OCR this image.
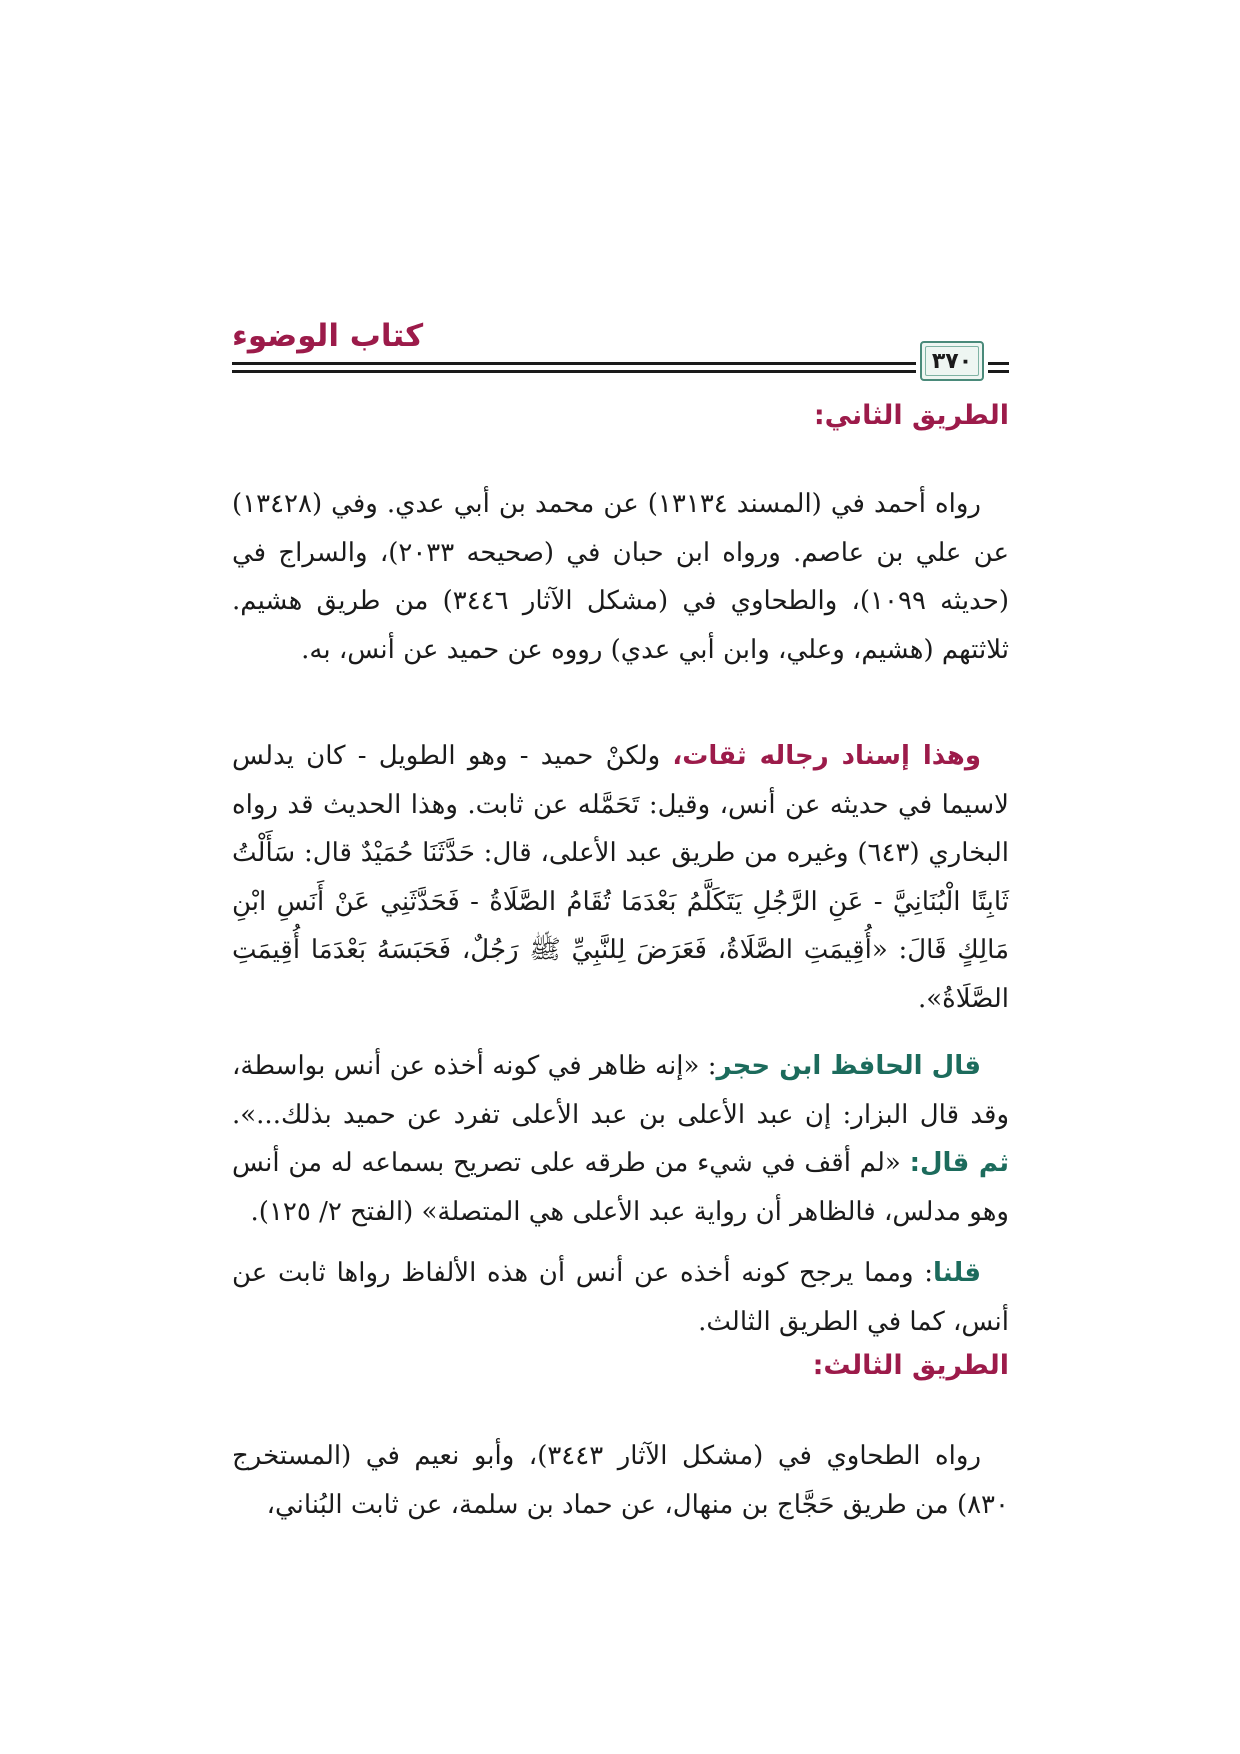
كتاب الوضوء
٣٧٠
الطريق الثاني:

رواه أحمد في (المسند ١٣١٣٤) عن محمد بن أبي عدي. وفي (١٣٤٢٨) عن علي بن عاصم. ورواه ابن حبان في (صحيحه ٢٠٣٣)، والسراج في (حديثه ١٠٩٩)، والطحاوي في (مشكل الآثار ٣٤٤٦) من طريق هشيم. ثلاثتهم (هشيم، وعلي، وابن أبي عدي) رووه عن حميد عن أنس، به.

وهذا إسناد رجاله ثقات، ولكنْ حميد - وهو الطويل - كان يدلس لاسيما في حديثه عن أنس، وقيل: تَحَمَّله عن ثابت. وهذا الحديث قد رواه البخاري (٦٤٣) وغيره من طريق عبد الأعلى، قال: حَدَّثَنَا حُمَيْدٌ قال: سَأَلْتُ ثَابِتًا الْبُنَانِيَّ - عَنِ الرَّجُلِ يَتَكَلَّمُ بَعْدَمَا تُقَامُ الصَّلَاةُ - فَحَدَّثَنِي عَنْ أَنَسِ ابْنِ مَالِكٍ قَالَ: «أُقِيمَتِ الصَّلَاةُ، فَعَرَضَ لِلنَّبِيِّ ﷺ رَجُلٌ، فَحَبَسَهُ بَعْدَمَا أُقِيمَتِ الصَّلَاةُ».

قال الحافظ ابن حجر: «إنه ظاهر في كونه أخذه عن أنس بواسطة، وقد قال البزار: إن عبد الأعلى بن عبد الأعلى تفرد عن حميد بذلك...». ثم قال: «لم أقف في شيء من طرقه على تصريح بسماعه له من أنس وهو مدلس، فالظاهر أن رواية عبد الأعلى هي المتصلة» (الفتح ٢/ ١٢٥).

قلنا: ومما يرجح كونه أخذه عن أنس أن هذه الألفاظ رواها ثابت عن أنس، كما في الطريق الثالث.

الطريق الثالث:

رواه الطحاوي في (مشكل الآثار ٣٤٤٣)، وأبو نعيم في (المستخرج ٨٣٠) من طريق حَجَّاج بن منهال، عن حماد بن سلمة، عن ثابت البُناني،
